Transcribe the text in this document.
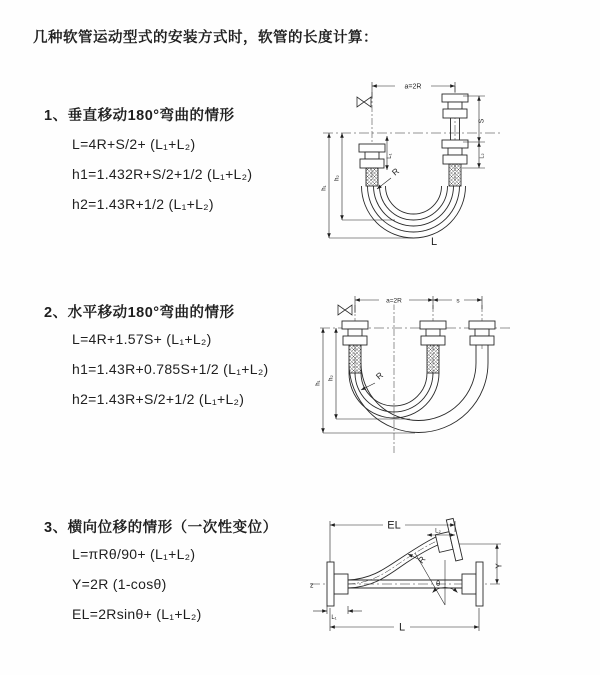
几种软管运动型式的安装方式时，软管的长度计算：
1、垂直移动180°弯曲的情形
L=4R+S/2+ (L₁+L₂)
h1=1.432R+S/2+1/2 (L₁+L₂)
h2=1.43R+1/2 (L₁+L₂)
2、水平移动180°弯曲的情形
L=4R+1.57S+ (L₁+L₂)
h1=1.43R+0.785S+1/2 (L₁+L₂)
h2=1.43R+S/2+1/2 (L₁+L₂)
3、横向位移的情形（一次性变位）
L=πRθ/90+ (L₁+L₂)
Y=2R (1-cosθ)
EL=2Rsinθ+ (L₁+L₂)
a=2R
L₁
S
L₂
h₁
h₂
R
L
a=2R	s
h₁
h₂	R
EL	L₂
Y
L
L₁
R
θ
z
